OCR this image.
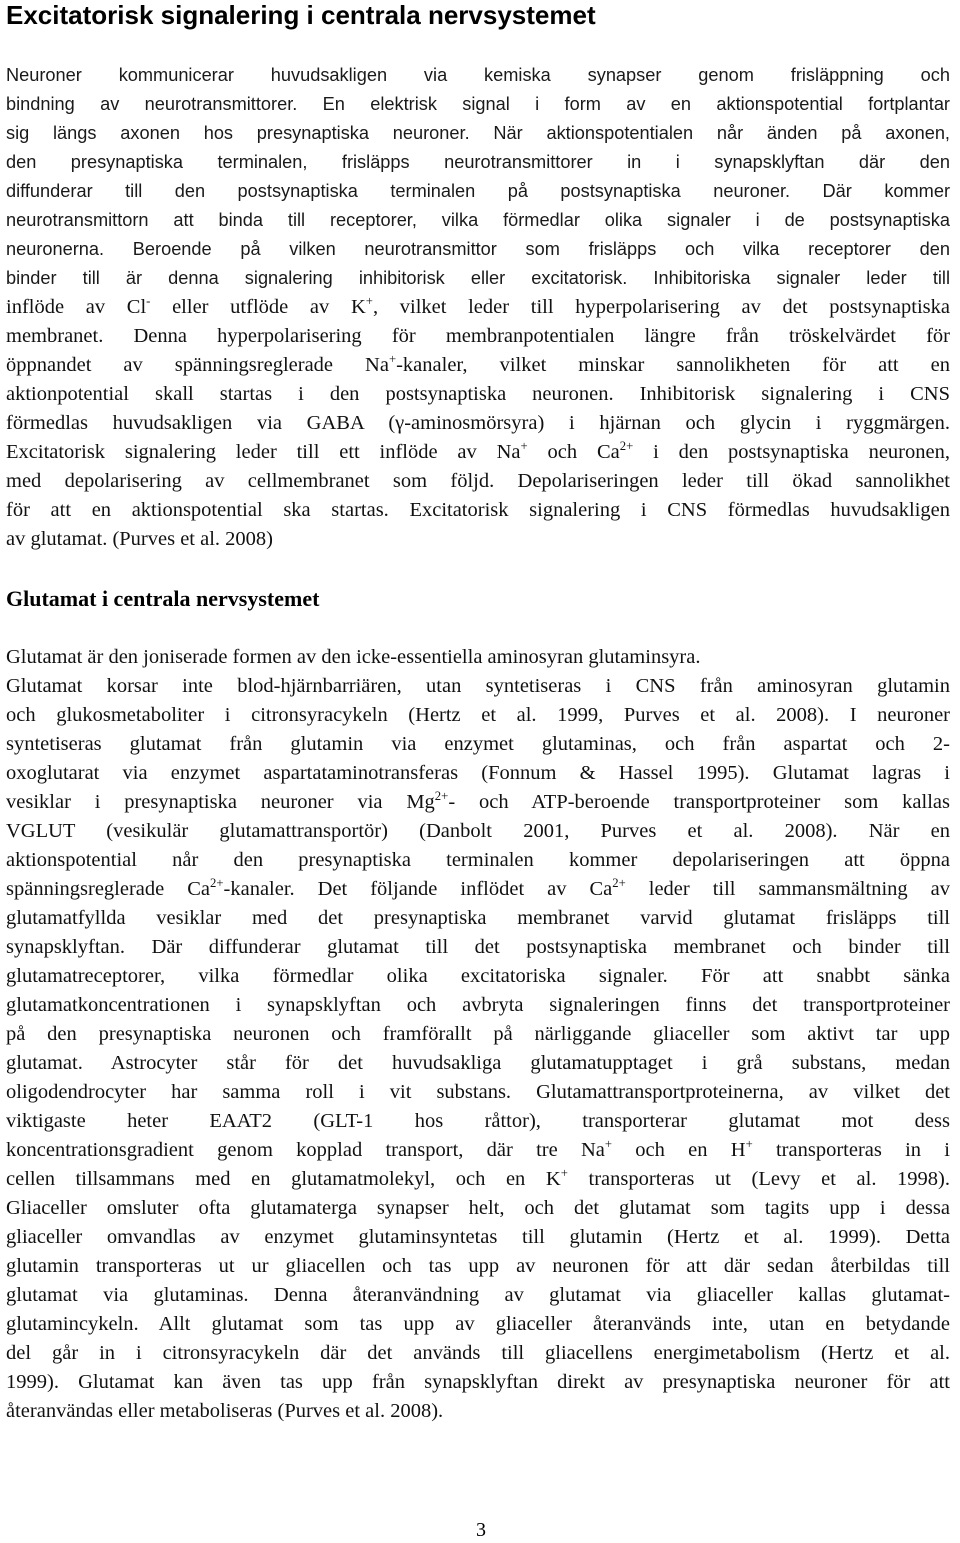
Excitatorisk signalering i centrala nervsystemet
Neuroner kommunicerar huvudsakligen via kemiska synapser genom frisläppning och
bindning av neurotransmittorer. En elektrisk signal i form av en aktionspotential fortplantar
sig längs axonen hos presynaptiska neuroner. När aktionspotentialen når änden på axonen,
den presynaptiska terminalen, frisläpps neurotransmittorer in i synapsklyftan där den
diffunderar till den postsynaptiska terminalen på postsynaptiska neuroner. Där kommer
neurotransmittorn att binda till receptorer, vilka förmedlar olika signaler i de postsynaptiska
neuronerna. Beroende på vilken neurotransmittor som frisläpps och vilka receptorer den
binder till är denna signalering inhibitorisk eller excitatorisk. Inhibitoriska signaler leder till
inflöde av Cl- eller utflöde av K+, vilket leder till hyperpolarisering av det postsynaptiska
membranet. Denna hyperpolarisering för membranpotentialen längre från tröskelvärdet för
öppnandet av spänningsreglerade Na+-kanaler, vilket minskar sannolikheten för att en
aktionpotential skall startas i den postsynaptiska neuronen. Inhibitorisk signalering i CNS
förmedlas huvudsakligen via GABA (γ-aminosmörsyra) i hjärnan och glycin i ryggmärgen.
Excitatorisk signalering leder till ett inflöde av Na+ och $Ca^{2+}$ i den postsynaptiska neuronen,
med depolarisering av cellmembranet som följd. Depolariseringen leder till ökad sannolikhet
för att en aktionspotential ska startas. Excitatorisk signalering i CNS förmedlas huvudsakligen
av glutamat. (Purves et al. 2008)
Glutamat i centrala nervsystemet
Glutamat är den joniserade formen av den icke-essentiella aminosyran glutaminsyra.
Glutamat korsar inte blod-hjärnbarriären, utan syntetiseras i CNS från aminosyran glutamin
och glukosmetaboliter i citronsyracykeln (Hertz et al. 1999, Purves et al. 2008). I neuroner
syntetiseras glutamat från glutamin via enzymet glutaminas, och från aspartat och 2-
oxoglutarat via enzymet aspartataminotransferas (Fonnum & Hassel 1995). Glutamat lagras i
vesiklar i presynaptiska neuroner via $Mg^{2+}-$ och ATP-beroende transportproteiner som kallas
VGLUT (vesikulär glutamattransportör) (Danbolt 2001, Purves et al. 2008). När en
aktionspotential når den presynaptiska terminalen kommer depolariseringen att öppna
spänningsreglerade $Ca^{2+}$-kanaler. Det följande inflödet av $Ca^{2+}$ leder till sammansmältning av
glutamatfyllda vesiklar med det presynaptiska membranet varvid glutamat frisläpps till
synapsklyftan. Där diffunderar glutamat till det postsynaptiska membranet och binder till
glutamatreceptorer, vilka förmedlar olika excitatoriska signaler. För att snabbt sänka
glutamatkoncentrationen i synapsklyftan och avbryta signaleringen finns det transportproteiner
på den presynaptiska neuronen och framförallt på närliggande gliaceller som aktivt tar upp
glutamat. Astrocyter står för det huvudsakliga glutamatupptaget i grå substans, medan
oligodendrocyter har samma roll i vit substans. Glutamattransportproteinerna, av vilket det
viktigaste heter EAAT2 (GLT-1 hos råttor), transporterar glutamat mot dess
koncentrationsgradient genom kopplad transport, där tre Na+ och en H+ transporteras in i
cellen tillsammans med en glutamatmolekyl, och en K+ transporteras ut (Levy et al. 1998).
Gliaceller omsluter ofta glutamaterga synapser helt, och det glutamat som tagits upp i dessa
gliaceller omvandlas av enzymet glutaminsyntetas till glutamin (Hertz et al. 1999). Detta
glutamin transporteras ut ur gliacellen och tas upp av neuronen för att där sedan återbildas till
glutamat via glutaminas. Denna återanvändning av glutamat via gliaceller kallas glutamat-
glutamincykeln. Allt glutamat som tas upp av gliaceller återanvänds inte, utan en betydande
del går in i citronsyracykeln där det används till gliacellens energimetabolism (Hertz et al.
1999). Glutamat kan även tas upp från synapsklyftan direkt av presynaptiska neuroner för att
återanvändas eller metaboliseras (Purves et al. 2008).

3
